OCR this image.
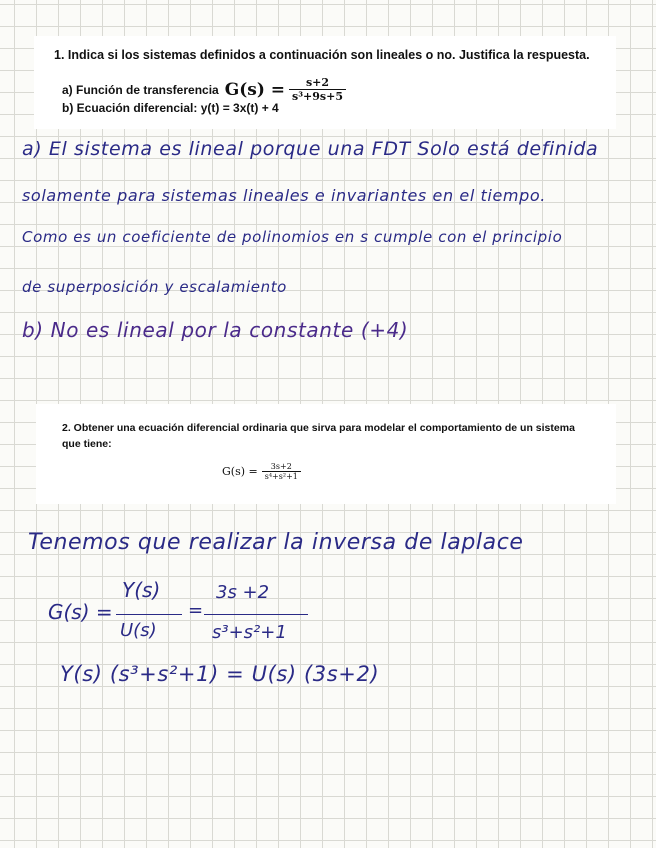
1. Indica si los sistemas definidos a continuación son lineales o no. Justifica la respuesta.
a) Función de transferencia $G(s) = \frac{s+2}{\text{s³+9s+5}}$
b) Ecuación diferencial: y(t) = 3x(t) + 4
a) El sistema es lineal porque una FDT Solo está definida
solamente para sistemas lineales e invariantes en el tiempo.
Como es un coeficiente de polinomios en s cumple con el principio
de superposición y escalamiento
b) No es lineal por la constante (+4)
2. Obtener una ecuación diferencial ordinaria que sirva para modelar el comportamiento de un sistema que tiene:
$G(s) = \frac{3s+2}{\text{s⁴+s²+1}}$
Tenemos que realizar la inversa de laplace
G(s) =
Y(s)
U(s)
=
3s +2
s³+s²+1
Y(s) (s³+s²+1) = U(s) (3s+2)
